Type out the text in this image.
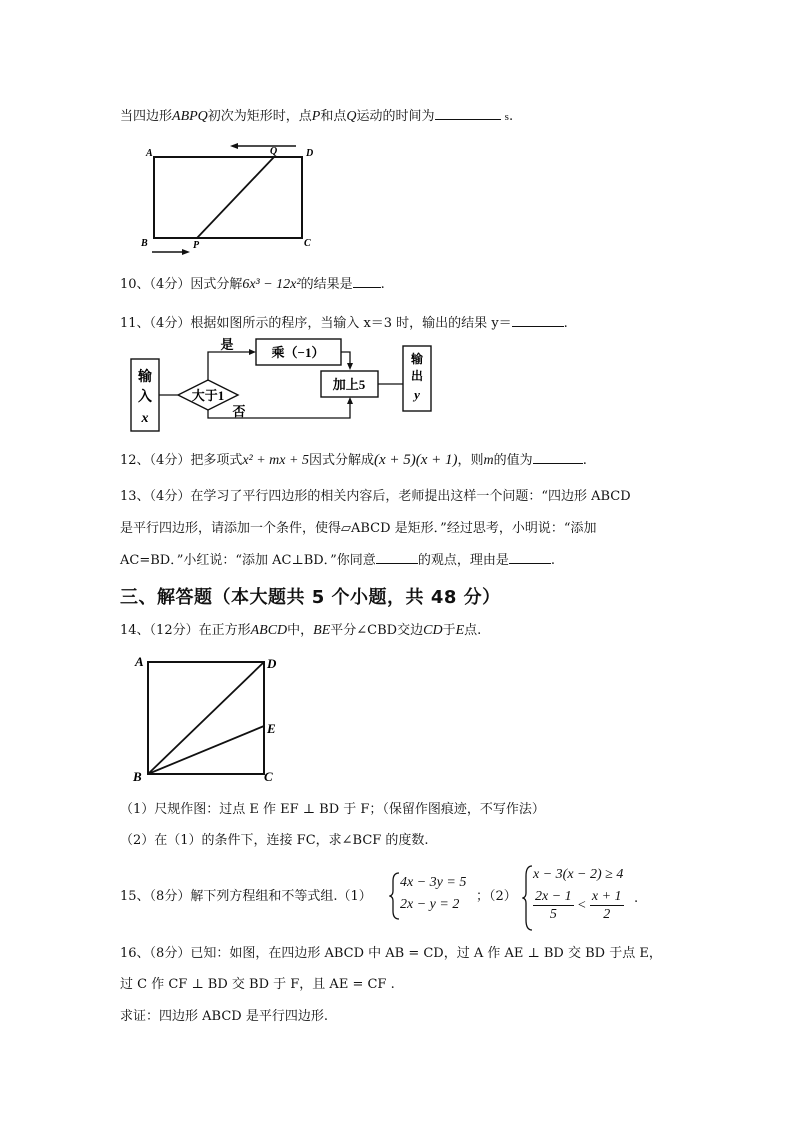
当四边形ABPQ初次为矩形时，点P和点Q运动的时间为	s.
A	Q	D
B	P	C
10、（4分）因式分解6x³ − 12x²的结果是 .
11、（4分）根据如图所示的程序，当输入 x＝3 时，输出的结果 y＝	.
输
入
x
大于1
是
乘（−1）
否
加上5
输
出
y
12、（4分）把多项式x² + mx + 5因式分解成(x + 5)(x + 1)，则m的值为	.
13、（4分）在学习了平行四边形的相关内容后，老师提出这样一个问题：“四边形 ABCD
是平行四边形，请添加一个条件，使得▱ABCD 是矩形．”经过思考，小明说：“添加
AC=BD．”小红说：“添加 AC⊥BD．”你同意	的观点，理由是	.
三、解答题（本大题共 5 个小题，共 48 分）
14、（12分）在正方形ABCD中，BE平分∠CBD交边CD于E点.
A	D
E
B	C
（1）尺规作图：过点 E 作 EF ⊥ BD 于 F；（保留作图痕迹，不写作法）
（2）在（1）的条件下，连接 FC，求∠BCF 的度数.
15、（8分）解下列方程组和不等式组.（1）
4x − 3y = 5
2x − y = 2
；（2）
x − 3(x − 2) ≥ 4
$\frac{2x - 1}{5} < \frac{x + 1}{2}$ .
16、（8分）已知：如图，在四边形 ABCD 中 AB = CD，过 A 作 AE ⊥ BD 交 BD 于点 E，
过 C 作 CF ⊥ BD 交 BD 于 F，且 AE = CF .
求证：四边形 ABCD 是平行四边形.
